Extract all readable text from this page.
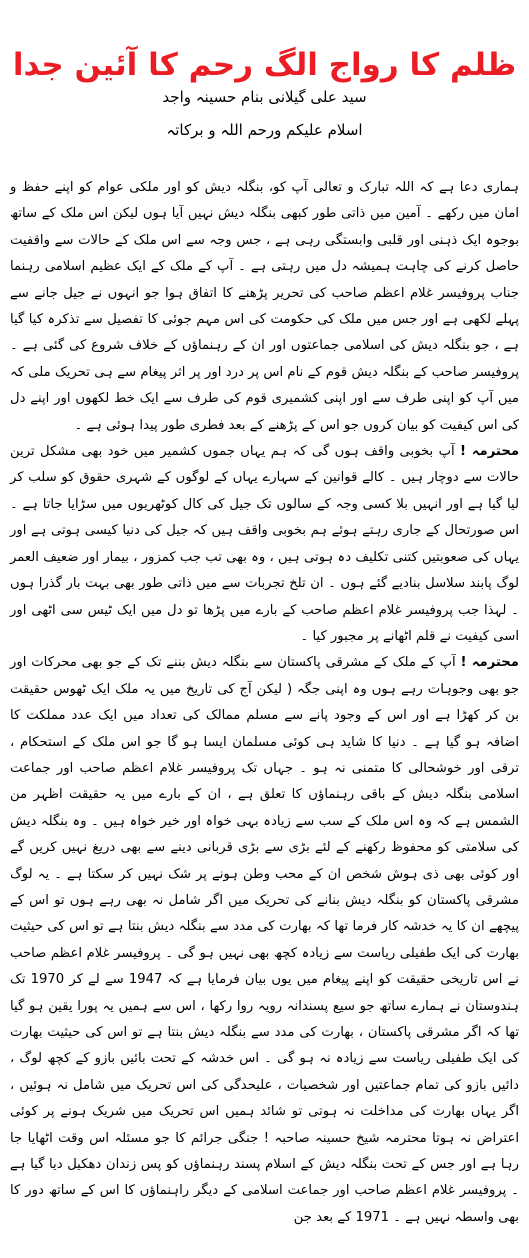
ظلم کا رواج الگ رحم کا آئین جدا
سید علی گیلانی بنام حسینہ واجد
اسلام علیکم ورحم اللہ و برکاتہ

ہماری دعا ہے کہ اللہ تبارک و تعالی آپ کو، بنگلہ دیش کو اور ملکی عوام کو اپنے حفظ و امان میں رکھے ۔ آمین میں ذاتی طور کبھی بنگلہ دیش نہیں آیا ہوں لیکن اس ملک کے ساتھ بوجوہ ایک ذہنی اور قلبی وابستگی رہی ہے ، جس وجہ سے اس ملک کے حالات سے واقفیت حاصل کرنے کی چاہت ہمیشہ دل میں رہتی ہے ۔ آپ کے ملک کے ایک عظیم اسلامی رہنما جناب پروفیسر غلام اعظم صاحب کی تحریر پڑھنے کا اتفاق ہوا جو انہوں نے جیل جانے سے پہلے لکھی ہے اور جس میں ملک کی حکومت کی اس مہم جوئی کا تفصیل سے تذکرہ کیا گیا ہے ، جو بنگلہ دیش کی اسلامی جماعتوں اور ان کے رہنماؤں کے خلاف شروع کی گئی ہے ۔ پروفیسر صاحب کے بنگلہ دیش قوم کے نام اس پر درد اور پر اثر پیغام سے ہی تحریک ملی کہ میں آپ کو اپنی طرف سے اور اپنی کشمیری قوم کی طرف سے ایک خط لکھوں اور اپنے دل کی اس کیفیت کو بیان کروں جو اس کے پڑھنے کے بعد فطری طور پیدا ہوئی ہے ۔

محترمہ ! آپ بخوبی واقف ہوں گی کہ ہم یہاں جموں کشمیر میں خود بھی مشکل ترین حالات سے دوچار ہیں ۔ کالے قوانین کے سہارے یہاں کے لوگوں کے شہری حقوق کو سلب کر لیا گیا ہے اور انہیں بلا کسی وجہ کے سالوں تک جیل کی کال کوٹھریوں میں سڑایا جاتا ہے ۔ اس صورتحال کے جاری رہتے ہوئے ہم بخوبی واقف ہیں کہ جیل کی دنیا کیسی ہوتی ہے اور یہاں کی صعوبتیں کتنی تکلیف دہ ہوتی ہیں ، وہ بھی تب جب کمزور ، بیمار اور ضعیف العمر لوگ پابند سلاسل بنادیے گئے ہوں ۔ ان تلخ تجربات سے میں ذاتی طور بھی بہت بار گذرا ہوں ۔ لہذا جب پروفیسر غلام اعظم صاحب کے بارے میں پڑھا تو دل میں ایک ٹیس سی اٹھی اور اسی کیفیت نے قلم اٹھانے پر مجبور کیا ۔

محترمہ ! آپ کے ملک کے مشرقی پاکستان سے بنگلہ دیش بننے تک کے جو بھی محرکات اور جو بھی وجوہات رہے ہوں وہ اپنی جگہ ( لیکن آج کی تاریخ میں یہ ملک ایک ٹھوس حقیقت بن کر کھڑا ہے اور اس کے وجود پانے سے مسلم ممالک کی تعداد میں ایک عدد مملکت کا اضافہ ہو گیا ہے ۔ دنیا کا شاید ہی کوئی مسلمان ایسا ہو گا جو اس ملک کے استحکام ، ترقی اور خوشحالی کا متمنی نہ ہو ۔ جہاں تک پروفیسر غلام اعظم صاحب اور جماعت اسلامی بنگلہ دیش کے باقی رہنماؤں کا تعلق ہے ، ان کے بارے میں یہ حقیقت اظہر من الشمس ہے کہ وہ اس ملک کے سب سے زیادہ بہی خواہ اور خیر خواہ ہیں ۔ وہ بنگلہ دیش کی سلامتی کو محفوظ رکھنے کے لئے بڑی سے بڑی قربانی دینے سے بھی دریغ نہیں کریں گے اور کوئی بھی ذی ہوش شخص ان کے محب وطن ہونے پر شک نہیں کر سکتا ہے ۔ یہ لوگ مشرقی پاکستان کو بنگلہ دیش بنانے کی تحریک میں اگر شامل نہ بھی رہے ہوں تو اس کے پیچھے ان کا یہ خدشہ کار فرما تھا کہ بھارت کی مدد سے بنگلہ دیش بنتا ہے تو اس کی حیثیت بھارت کی ایک طفیلی ریاست سے زیادہ کچھ بھی نہیں ہو گی ۔ پروفیسر غلام اعظم صاحب نے اس تاریخی حقیقت کو اپنے پیغام میں یوں بیان فرمایا ہے کہ 1947 سے لے کر 1970 تک ہندوستان نے ہمارے ساتھ جو سیع پسندانہ رویہ روا رکھا ، اس سے ہمیں یہ پورا یقین ہو گیا تھا کہ اگر مشرقی پاکستان ، بھارت کی مدد سے بنگلہ دیش بنتا ہے تو اس کی حیثیت بھارت کی ایک طفیلی ریاست سے زیادہ نہ ہو گی ۔ اس خدشہ کے تحت بائیں بازو کے کچھ لوگ ، دائیں بازو کی تمام جماعتیں اور شخصیات ، علیحدگی کی اس تحریک میں شامل نہ ہوئیں ، اگر یہاں بھارت کی مداخلت نہ ہوتی تو شائد ہمیں اس تحریک میں شریک ہونے پر کوئی اعتراض نہ ہوتا محترمہ شیخ حسینہ صاحبہ ! جنگی جرائم کا جو مسئلہ اس وقت اٹھایا جا رہا ہے اور جس کے تحت بنگلہ دیش کے اسلام پسند رہنماؤں کو پس زندان دھکیل دیا گیا ہے ۔ پروفیسر غلام اعظم صاحب اور جماعت اسلامی کے دیگر راہنماؤں کا اس کے ساتھ دور کا بھی واسطہ نہیں ہے ۔ 1971 کے بعد جن
